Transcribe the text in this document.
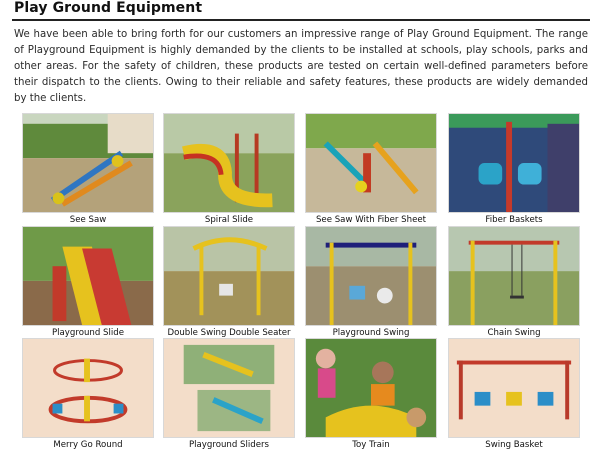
Play Ground Equipment

We have been able to bring forth for our customers an impressive range of Play Ground Equipment. The range of Playground Equipment is highly demanded by the clients to be installed at schools, play schools, parks and other areas. For the safety of children, these products are tested on certain well-defined parameters before their dispatch to the clients. Owing to their reliable and safety features, these products are widely demanded by the clients.

See Saw	Spiral Slide	See Saw With Fiber Sheet	Fiber Baskets
Playground Slide	Double Swing Double Seater	Playground Swing	Chain Swing
Merry Go Round	Playground Sliders	Toy Train	Swing Basket
